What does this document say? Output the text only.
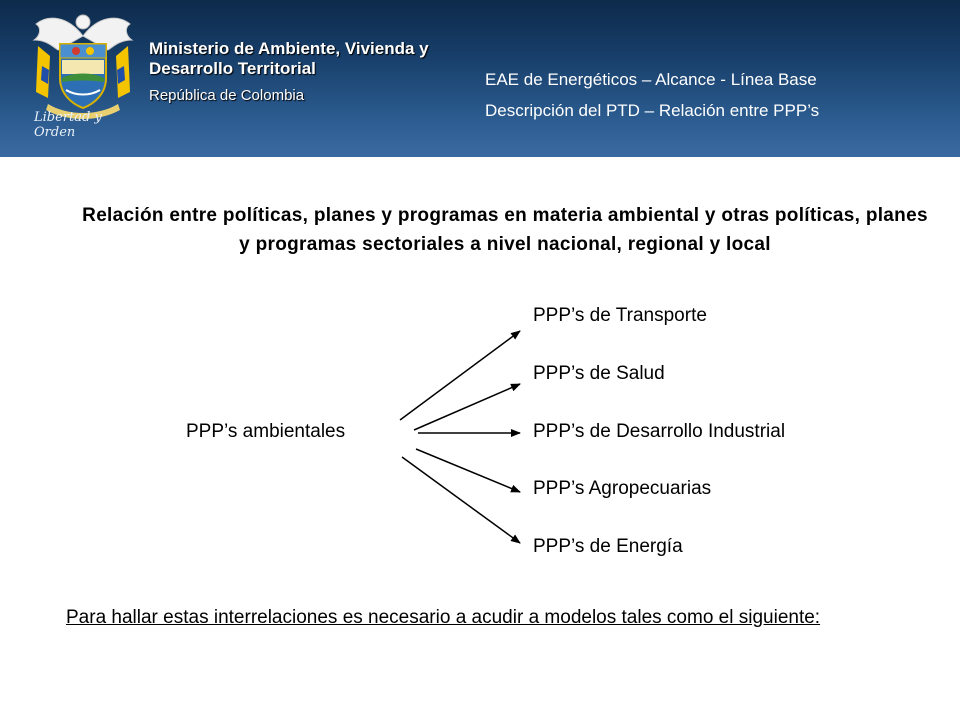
Libertad y Orden
Ministerio de Ambiente, Vivienda y Desarrollo Territorial
República de Colombia
EAE de Energéticos – Alcance - Línea Base
Descripción del PTD – Relación entre PPP’s
Relación entre políticas, planes y programas en materia ambiental y otras políticas, planes y programas sectoriales a nivel nacional, regional y local
PPP’s ambientales
PPP’s de Transporte
PPP’s de Salud
PPP’s de Desarrollo Industrial
PPP’s Agropecuarias
PPP’s de Energía
Para hallar estas interrelaciones es necesario a acudir a modelos tales como el siguiente:
